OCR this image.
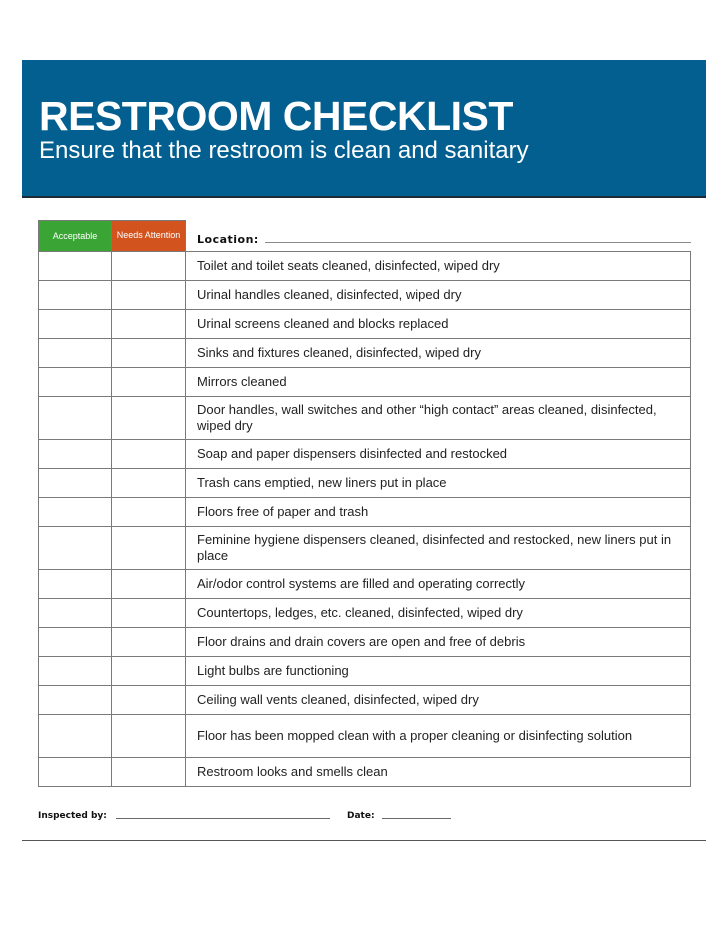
RESTROOM CHECKLIST
Ensure that the restroom is clean and sanitary
Acceptable	Needs Attention	Location:

		Toilet and toilet seats cleaned, disinfected, wiped dry
		Urinal handles cleaned, disinfected, wiped dry
		Urinal screens cleaned and blocks replaced
		Sinks and fixtures cleaned, disinfected, wiped dry
		Mirrors cleaned
		Door handles, wall switches and other “high contact” areas cleaned, disinfected, wiped dry
		Soap and paper dispensers disinfected and restocked
		Trash cans emptied, new liners put in place
		Floors free of paper and trash
		Feminine hygiene dispensers cleaned, disinfected and restocked, new liners put in place
		Air/odor control systems are filled and operating correctly
		Countertops, ledges, etc. cleaned, disinfected, wiped dry
		Floor drains and drain covers are open and free of debris
		Light bulbs are functioning
		Ceiling wall vents cleaned, disinfected, wiped dry
		Floor has been mopped clean with a proper cleaning or disinfecting solution
		Restroom looks and smells clean
Inspected by:	Date:
